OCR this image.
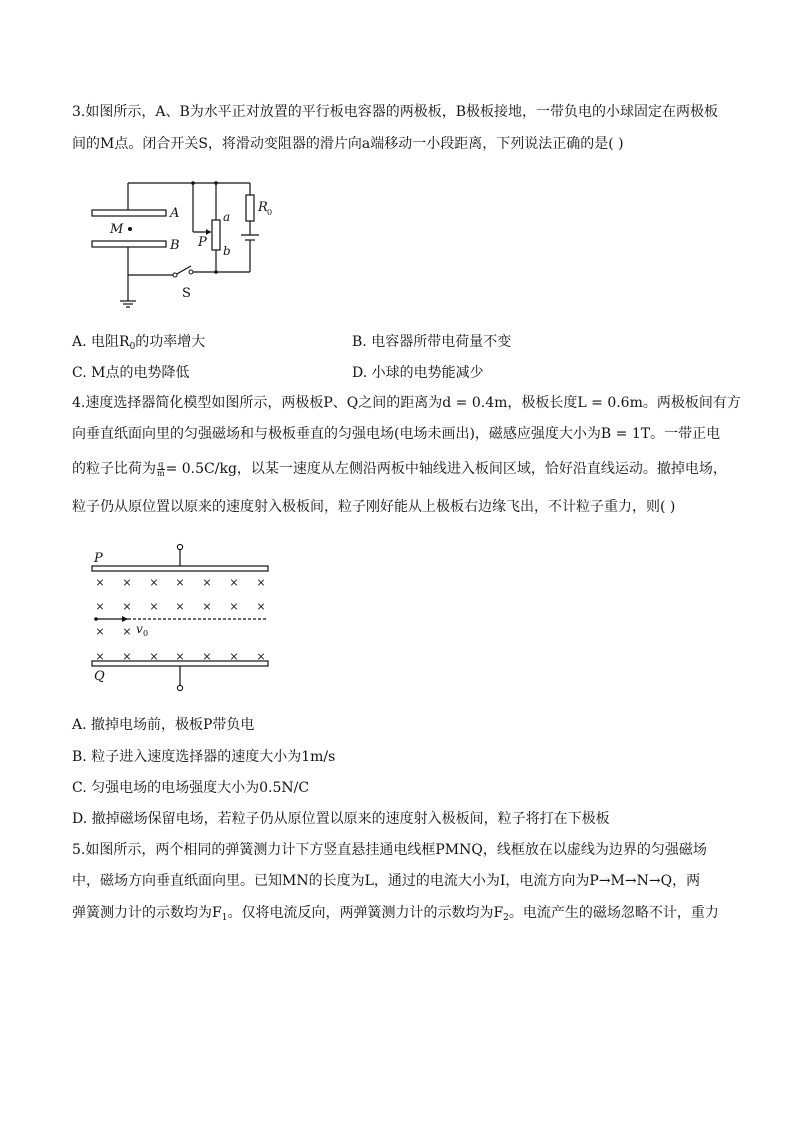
3.如图所示，A、B为水平正对放置的平行板电容器的两极板，B极板接地，一带负电的小球固定在两极板
间的M点。闭合开关S，将滑动变阻器的滑片向a端移动一小段距离，下列说法正确的是( )
A
B
M
P
a
b
R 0
S
A. 电阻$R_0$的功率增大	B. 电容器所带电荷量不变
C. M点的电势降低	D. 小球的电势能减少
4.速度选择器简化模型如图所示，两极板P、Q之间的距离为d = 0.4m，极板长度L = 0.6m。两极板间有方
向垂直纸面向里的匀强磁场和与极板垂直的匀强电场(电场未画出)，磁感应强度大小为B = 1T。一带正电
的粒子比荷为 $\frac{q}{m} = 0.5C/kg$，以某一速度从左侧沿两板中轴线进入板间区域，恰好沿直线运动。撤掉电场，
粒子仍从原位置以原来的速度射入极板间，粒子刚好能从上极板右边缘飞出，不计粒子重力，则( )
× × × × × × ×
× × × × × × ×
× ×
× × × × × × ×
P
Q
v 0
A. 撤掉电场前，极板P带负电
B. 粒子进入速度选择器的速度大小为1m/s
C. 匀强电场的电场强度大小为0.5N/C
D. 撤掉磁场保留电场，若粒子仍从原位置以原来的速度射入极板间，粒子将打在下极板
5.如图所示，两个相同的弹簧测力计下方竖直悬挂通电线框PMNQ，线框放在以虚线为边界的匀强磁场
中，磁场方向垂直纸面向里。已知MN的长度为L，通过的电流大小为I，电流方向为P→M→N→Q，两
弹簧测力计的示数均为$F_1$。仅将电流反向，两弹簧测力计的示数均为$F_2$。电流产生的磁场忽略不计，重力
